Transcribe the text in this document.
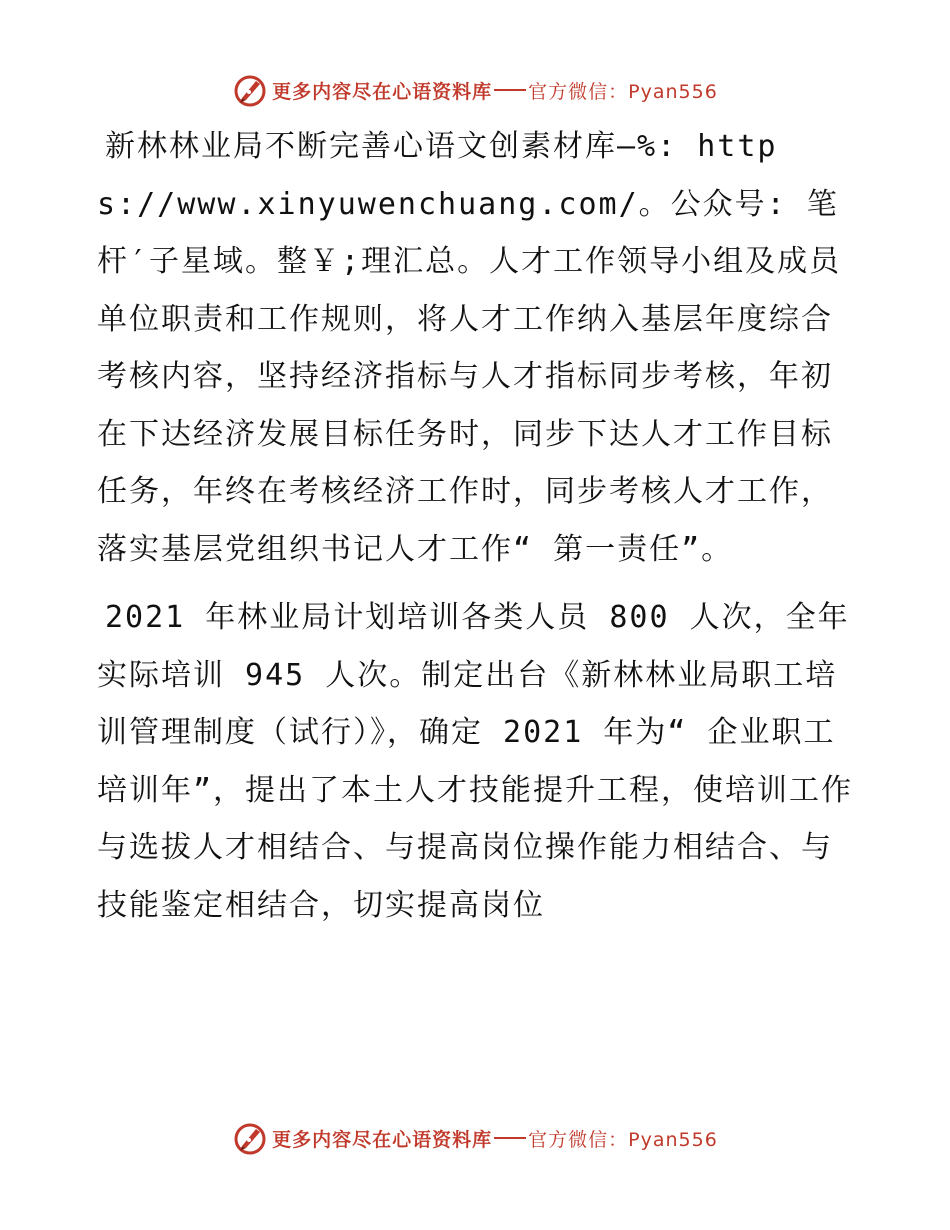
更多内容尽在心语资料库 官方微信：Pyan556

新林林业局不断完善心语文创素材库—%: https://www.xinyuwenchuang.com/。公众号: 笔杆′子星域。整￥;理汇总。人才工作领导小组及成员单位职责和工作规则，将人才工作纳入基层年度综合考核内容，坚持经济指标与人才指标同步考核，年初在下达经济发展目标任务时，同步下达人才工作目标任务，年终在考核经济工作时，同步考核人才工作，落实基层党组织书记人才工作“ 第一责任”。

2021 年林业局计划培训各类人员 800 人次，全年实际培训 945 人次。制定出台《新林林业局职工培训管理制度（试行）》，确定 2021 年为“ 企业职工培训年”，提出了本土人才技能提升工程，使培训工作与选拔人才相结合、与提高岗位操作能力相结合、与技能鉴定相结合，切实提高岗位

更多内容尽在心语资料库 官方微信：Pyan556
